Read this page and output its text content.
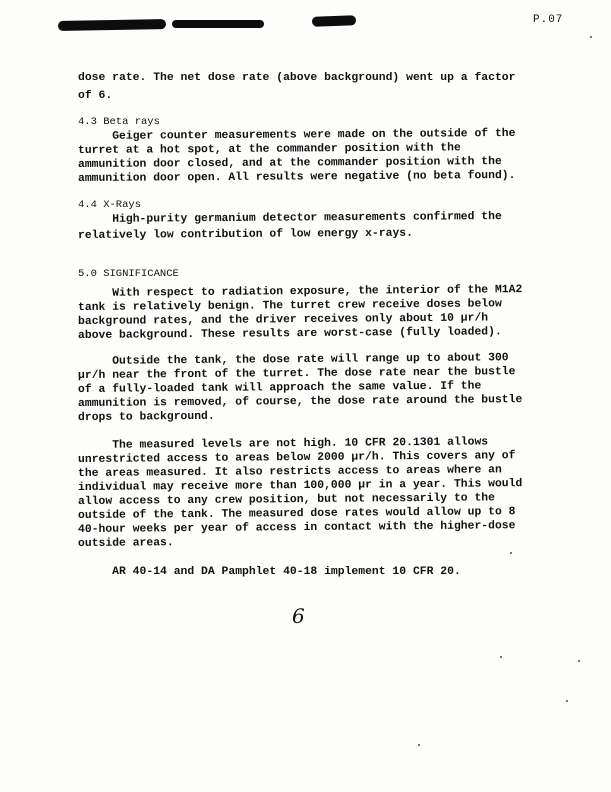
P.07
dose rate. The net dose rate (above background) went up a factor
of 6.
4.3 Beta rays
Geiger counter measurements were made on the outside of the
turret at a hot spot, at the commander position with the
ammunition door closed, and at the commander position with the
ammunition door open. All results were negative (no beta found).
4.4 X-Rays
High-purity germanium detector measurements confirmed the
relatively low contribution of low energy x-rays.
5.0 SIGNIFICANCE
With respect to radiation exposure, the interior of the M1A2
tank is relatively benign. The turret crew receive doses below
background rates, and the driver receives only about 10 µr/h
above background. These results are worst-case (fully loaded).
Outside the tank, the dose rate will range up to about 300
µr/h near the front of the turret. The dose rate near the bustle
of a fully-loaded tank will approach the same value. If the
ammunition is removed, of course, the dose rate around the bustle
drops to background.
The measured levels are not high. 10 CFR 20.1301 allows
unrestricted access to areas below 2000 µr/h. This covers any of
the areas measured. It also restricts access to areas where an
individual may receive more than 100,000 µr in a year. This would
allow access to any crew position, but not necessarily to the
outside of the tank. The measured dose rates would allow up to 8
40-hour weeks per year of access in contact with the higher-dose
outside areas.
AR 40-14 and DA Pamphlet 40-18 implement 10 CFR 20.
6
